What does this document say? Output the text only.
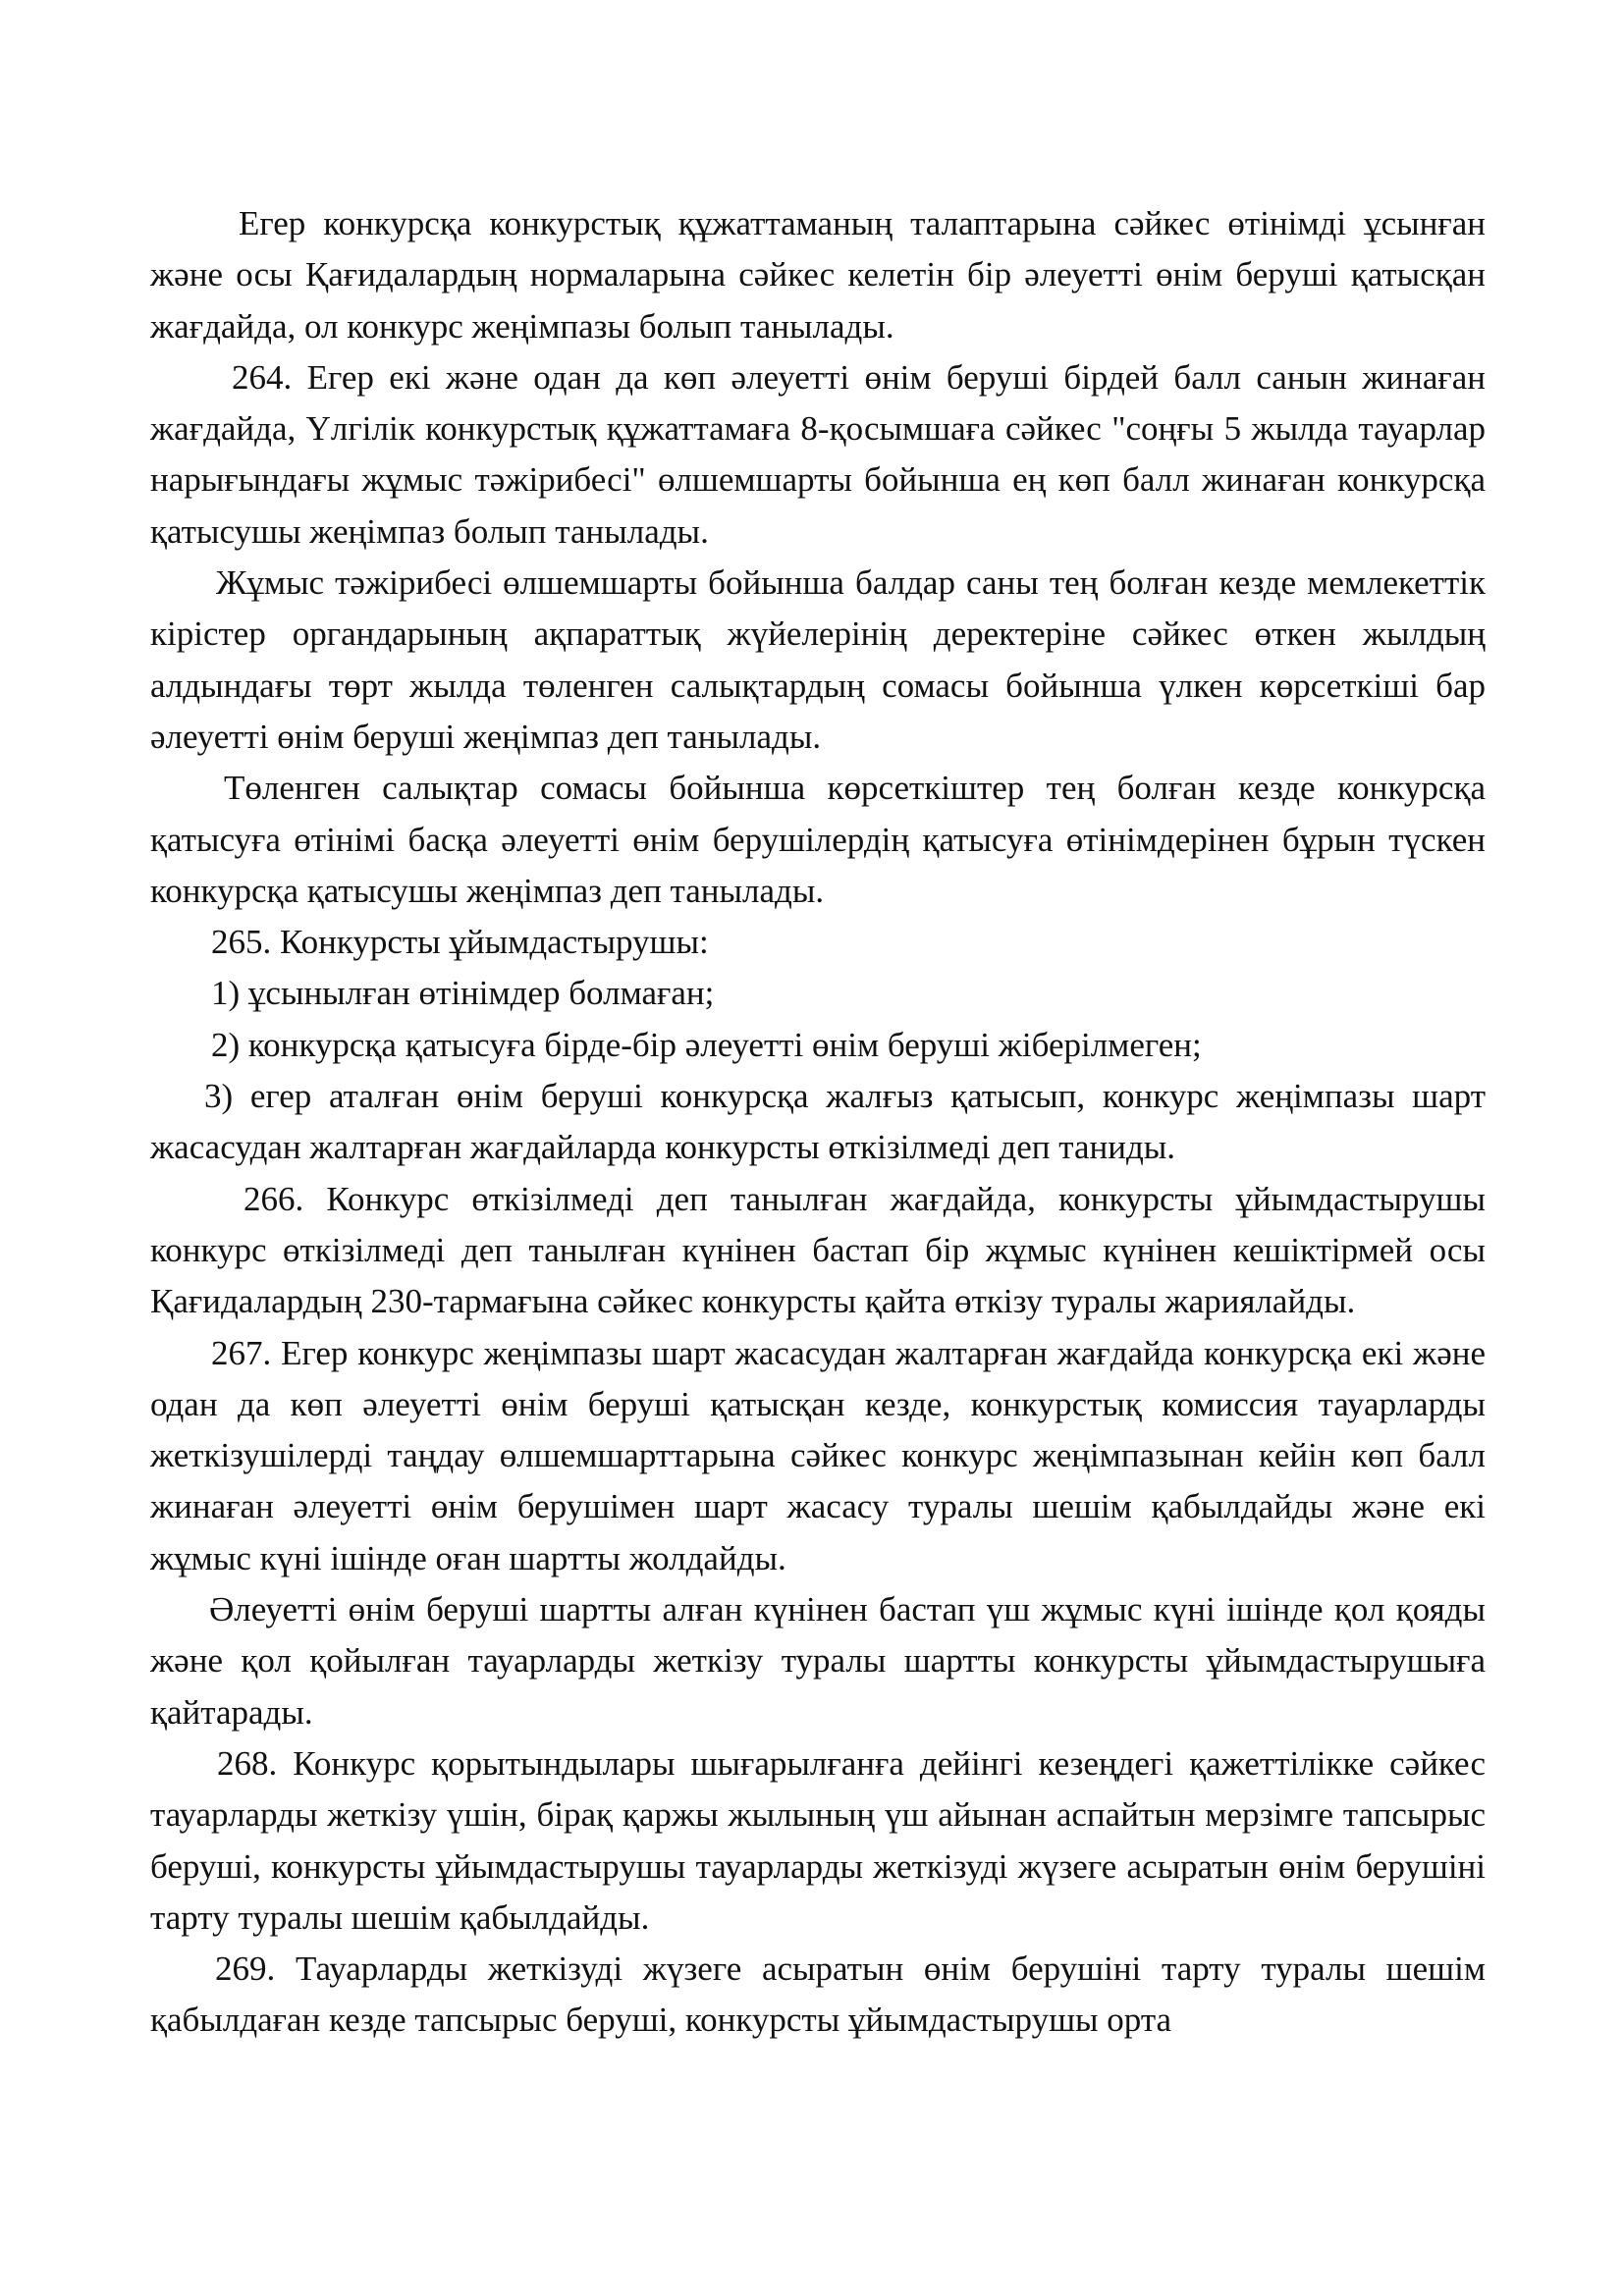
Егер конкурсқа конкурстық құжаттаманың талаптарына сәйкес өтінімді ұсынған және осы Қағидалардың нормаларына сәйкес келетін бір әлеуетті өнім беруші қатысқан жағдайда, ол конкурс жеңімпазы болып танылады.

264. Егер екі және одан да көп әлеуетті өнім беруші бірдей балл санын жинаған жағдайда, Үлгілік конкурстық құжаттамаға 8-қосымшаға сәйкес "соңғы 5 жылда тауарлар нарығындағы жұмыс тәжірибесі" өлшемшарты бойынша ең көп балл жинаған конкурсқа қатысушы жеңімпаз болып танылады.

Жұмыс тәжірибесі өлшемшарты бойынша балдар саны тең болған кезде мемлекеттік кірістер органдарының ақпараттық жүйелерінің деректеріне сәйкес өткен жылдың алдындағы төрт жылда төленген салықтардың сомасы бойынша үлкен көрсеткіші бар әлеуетті өнім беруші жеңімпаз деп танылады.

Төленген салықтар сомасы бойынша көрсеткіштер тең болған кезде конкурсқа қатысуға өтінімі басқа әлеуетті өнім берушілердің қатысуға өтінімдерінен бұрын түскен конкурсқа қатысушы жеңімпаз деп танылады.

265. Конкурсты ұйымдастырушы:

1) ұсынылған өтінімдер болмаған;

2) конкурсқа қатысуға бірде-бір әлеуетті өнім беруші жіберілмеген;

3) егер аталған өнім беруші конкурсқа жалғыз қатысып, конкурс жеңімпазы шарт жасасудан жалтарған жағдайларда конкурсты өткізілмеді деп таниды.

266. Конкурс өткізілмеді деп танылған жағдайда, конкурсты ұйымдастырушы конкурс өткізілмеді деп танылған күнінен бастап бір жұмыс күнінен кешіктірмей осы Қағидалардың 230-тармағына сәйкес конкурсты қайта өткізу туралы жариялайды.

267. Егер конкурс жеңімпазы шарт жасасудан жалтарған жағдайда конкурсқа екі және одан да көп әлеуетті өнім беруші қатысқан кезде, конкурстық комиссия тауарларды жеткізушілерді таңдау өлшемшарттарына сәйкес конкурс жеңімпазынан кейін көп балл жинаған әлеуетті өнім берушімен шарт жасасу туралы шешім қабылдайды және екі жұмыс күні ішінде оған шартты жолдайды.

Әлеуетті өнім беруші шартты алған күнінен бастап үш жұмыс күні ішінде қол қояды және қол қойылған тауарларды жеткізу туралы шартты конкурсты ұйымдастырушыға қайтарады.

268. Конкурс қорытындылары шығарылғанға дейінгі кезеңдегі қажеттілікке сәйкес тауарларды жеткізу үшін, бірақ қаржы жылының үш айынан аспайтын мерзімге тапсырыс беруші, конкурсты ұйымдастырушы тауарларды жеткізуді жүзеге асыратын өнім берушіні тарту туралы шешім қабылдайды.

269. Тауарларды жеткізуді жүзеге асыратын өнім берушіні тарту туралы шешім қабылдаған кезде тапсырыс беруші, конкурсты ұйымдастырушы орта
